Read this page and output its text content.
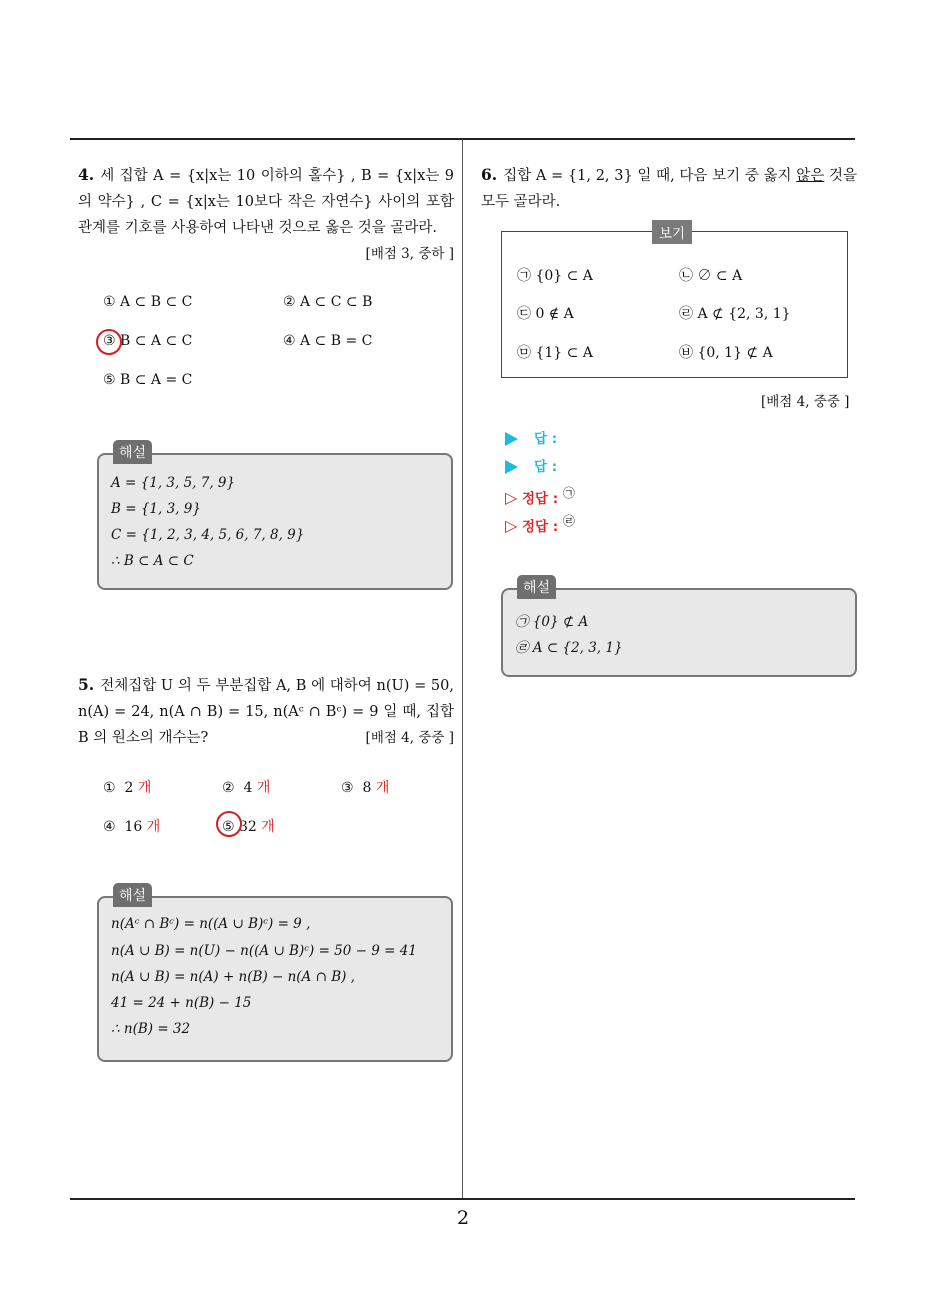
4. 세 집합 A = {x|x는 10 이하의 홀수} , B = {x|x는 9의 약수} , C = {x|x는 10보다 작은 자연수} 사이의 포함관계를 기호를 사용하여 나타낸 것으로 옳은 것을 골라라.
[배점 3, 중하 ]
① A ⊂ B ⊂ C	② A ⊂ C ⊂ B
③ B ⊂ A ⊂ C	④ A ⊂ B = C
⑤ B ⊂ A = C
해설
A = {1, 3, 5, 7, 9}
B = {1, 3, 9}
C = {1, 2, 3, 4, 5, 6, 7, 8, 9}
∴ B ⊂ A ⊂ C
5. 전체집합 U 의 두 부분집합 A, B 에 대하여 n(U) = 50, n(A) = 24, n(A ∩ B) = 15, n(Aᶜ ∩ Bᶜ) = 9 일 때, 집합 B 의 원소의 개수는?	[배점 4, 중중 ]
① 2 개	② 4 개	③ 8 개
④ 16 개	⑤ 32 개
해설
n(Aᶜ ∩ Bᶜ) = n((A ∪ B)ᶜ) = 9 ,
n(A ∪ B) = n(U) − n((A ∪ B)ᶜ) = 50 − 9 = 41
n(A ∪ B) = n(A) + n(B) − n(A ∩ B) ,
41 = 24 + n(B) − 15
∴ n(B) = 32
6. 집합 A = {1, 2, 3} 일 때, 다음 보기 중 옳지 않은 것을 모두 골라라.
보기
㉠ {0} ⊂ A	㉡ ∅ ⊂ A
㉢ 0 ∉ A	㉣ A ⊄ {2, 3, 1}
㉤ {1} ⊂ A	㉥ {0, 1} ⊄ A
[배점 4, 중중 ]
답 :
답 :
▷ 정답 : ㉠
▷ 정답 : ㉣
해설
㉠ {0} ⊄ A
㉣ A ⊂ {2, 3, 1}
2
